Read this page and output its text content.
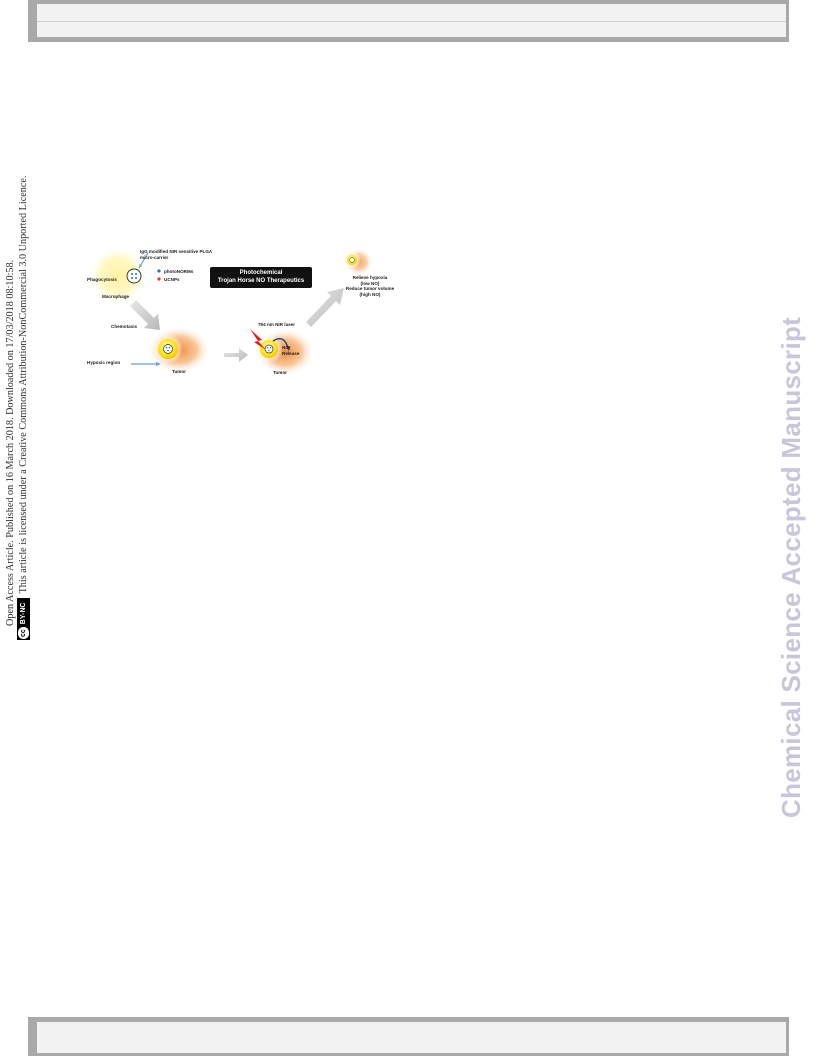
Open Access Article. Published on 16 March 2018. Downloaded on 17/03/2018 08:10:58.
cc
BY-NC
This article is licensed under a Creative Commons Attribution-NonCommercial 3.0 Unported Licence.	Chemical Science Accepted Manuscript
IgG modified NIR sensitive PLGA
micro-carrier
photoNORMs
UCNPs
Phagocytosis
Macrophage
Photochemical
Trojan Horse NO Therapeutics
Chemotaxis
Hypoxic region
Tumor
794 nm NIR laser
NO
Release
Tumor
Relieve hypoxia
(low NO)
Reduce tumor volume
(high NO)
